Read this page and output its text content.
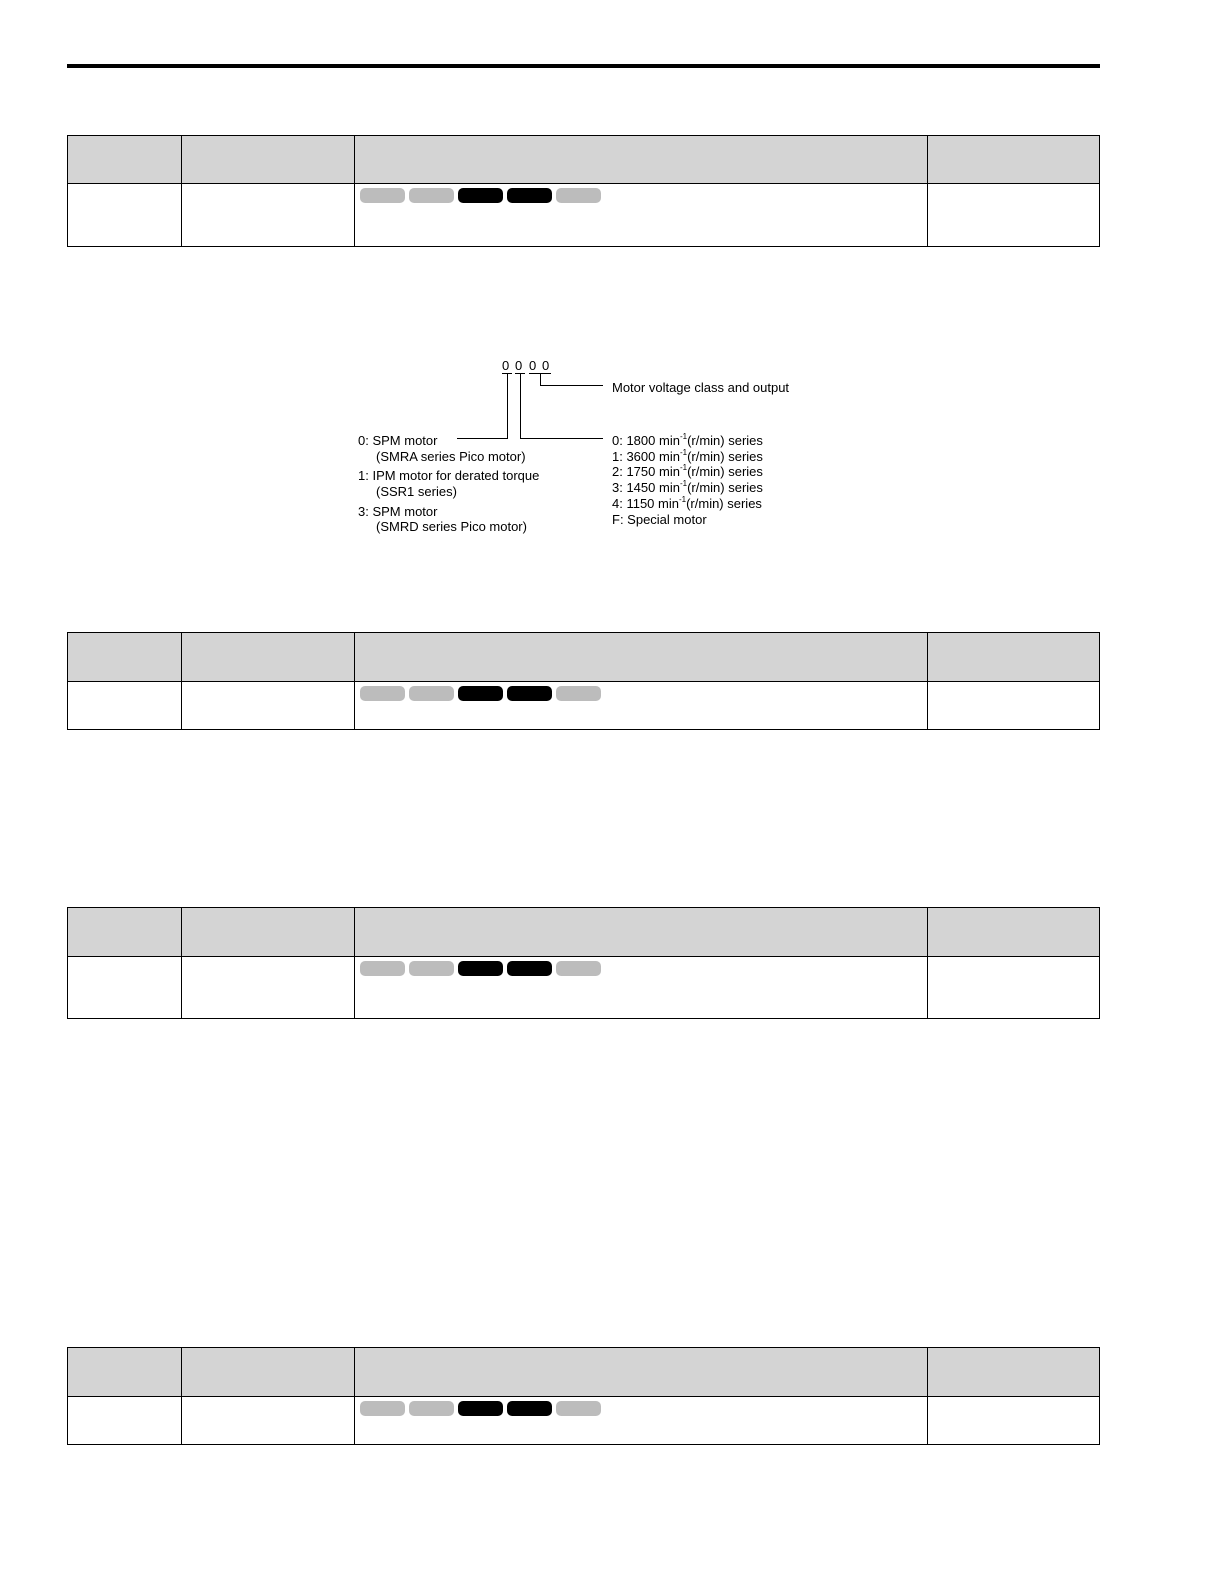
0 0 0 0
Motor voltage class and output
0: SPM motor
(SMRA series Pico motor)
1: IPM motor for derated torque
(SSR1 series)
3: SPM motor
(SMRD series Pico motor)
0: 1800 $\min^{-1}(r/\min)$ series
1: 3600 $\min^{-1}(r/\min)$ series
2: 1750 $\min^{-1}(r/\min)$ series
3: 1450 $\min^{-1}(r/\min)$ series
4: 1150 $\min^{-1}(r/\min)$ series
F: Special motor
